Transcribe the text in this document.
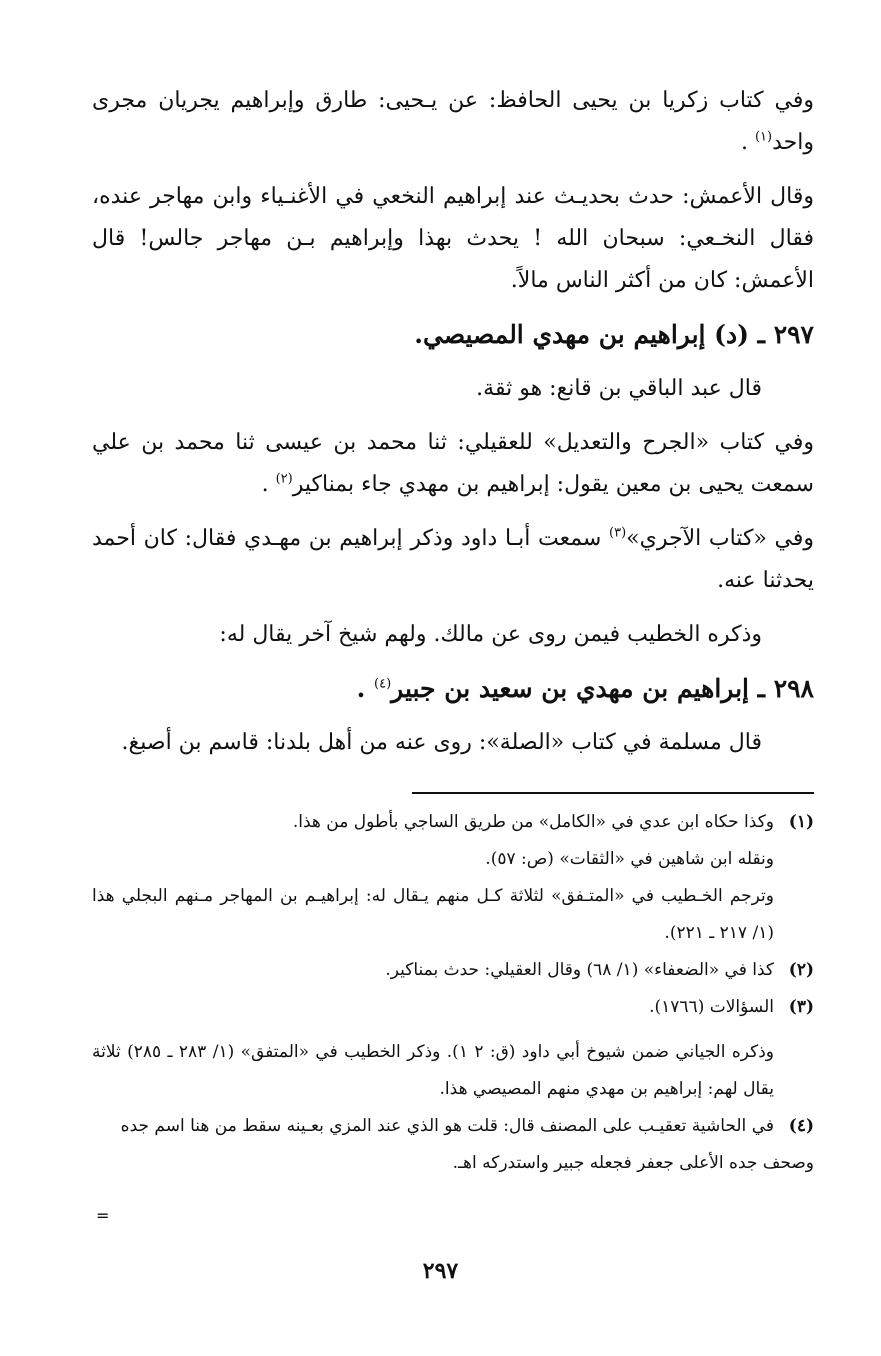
وفي كتاب زكريا بن يحيى الحافظ: عن يـحيى: طارق وإبراهيم يجريان مجرى واحد$^{(١)}$ .

وقال الأعمش: حدث بحديـث عند إبراهيم النخعي في الأغنـياء وابن مهاجر عنده، فقال النخـعي: سبحان الله ! يحدث بهذا وإبراهيم بـن مهاجر جالس! قال الأعمش: كان من أكثر الناس مالاً.

٢٩٧ ـ (د) إبراهيم بن مهدي المصيصي.

قال عبد الباقي بن قانع: هو ثقة.

وفي كتاب «الجرح والتعديل» للعقيلي: ثنا محمد بن عيسى ثنا محمد بن علي سمعت يحيى بن معين يقول: إبراهيم بن مهدي جاء بمناكير$^{(٢)}$ .

وفي «كتاب الآجري»$^{(٣)}$ سمعت أبـا داود وذكر إبراهيم بن مهـدي فقال: كان أحمد يحدثنا عنه.

وذكره الخطيب فيمن روى عن مالك. ولهم شيخ آخر يقال له:

٢٩٨ ـ إبراهيم بن مهدي بن سعيد بن جبير$^{(٤)}$ .

قال مسلمة في كتاب «الصلة»: روى عنه من أهل بلدنا: قاسم بن أصبغ.

(١)وكذا حكاه ابن عدي في «الكامل» من طريق الساجي بأطول من هذا.
ونقله ابن شاهين في «الثقات» (ص: ٥٧).
وترجم الخـطيب في «المتـفق» لثلاثة كـل منهم يـقال له: إبراهيـم بن المهاجر مـنهم البجلي هذا (١/ ٢١٧ ـ ٢٢١).
(٢)كذا في «الضعفاء» (١/ ٦٨) وقال العقيلي: حدث بمناكير.
(٣)السؤالات (١٧٦٦).
وذكره الجياني ضمن شيوخ أبي داود (ق: ٢ ١). وذكر الخطيب في «المتفق» (١/ ٢٨٣ ـ ٢٨٥) ثلاثة يقال لهم: إبراهيم بن مهدي منهم المصيصي هذا.
(٤)في الحاشية تعقيـب على المصنف قال: قلت هو الذي عند المزي بعـينه سقط من هنا اسم جده وصحف جده الأعلى جعفر فجعله جبير واستدركه اهـ.
=
٢٩٧
